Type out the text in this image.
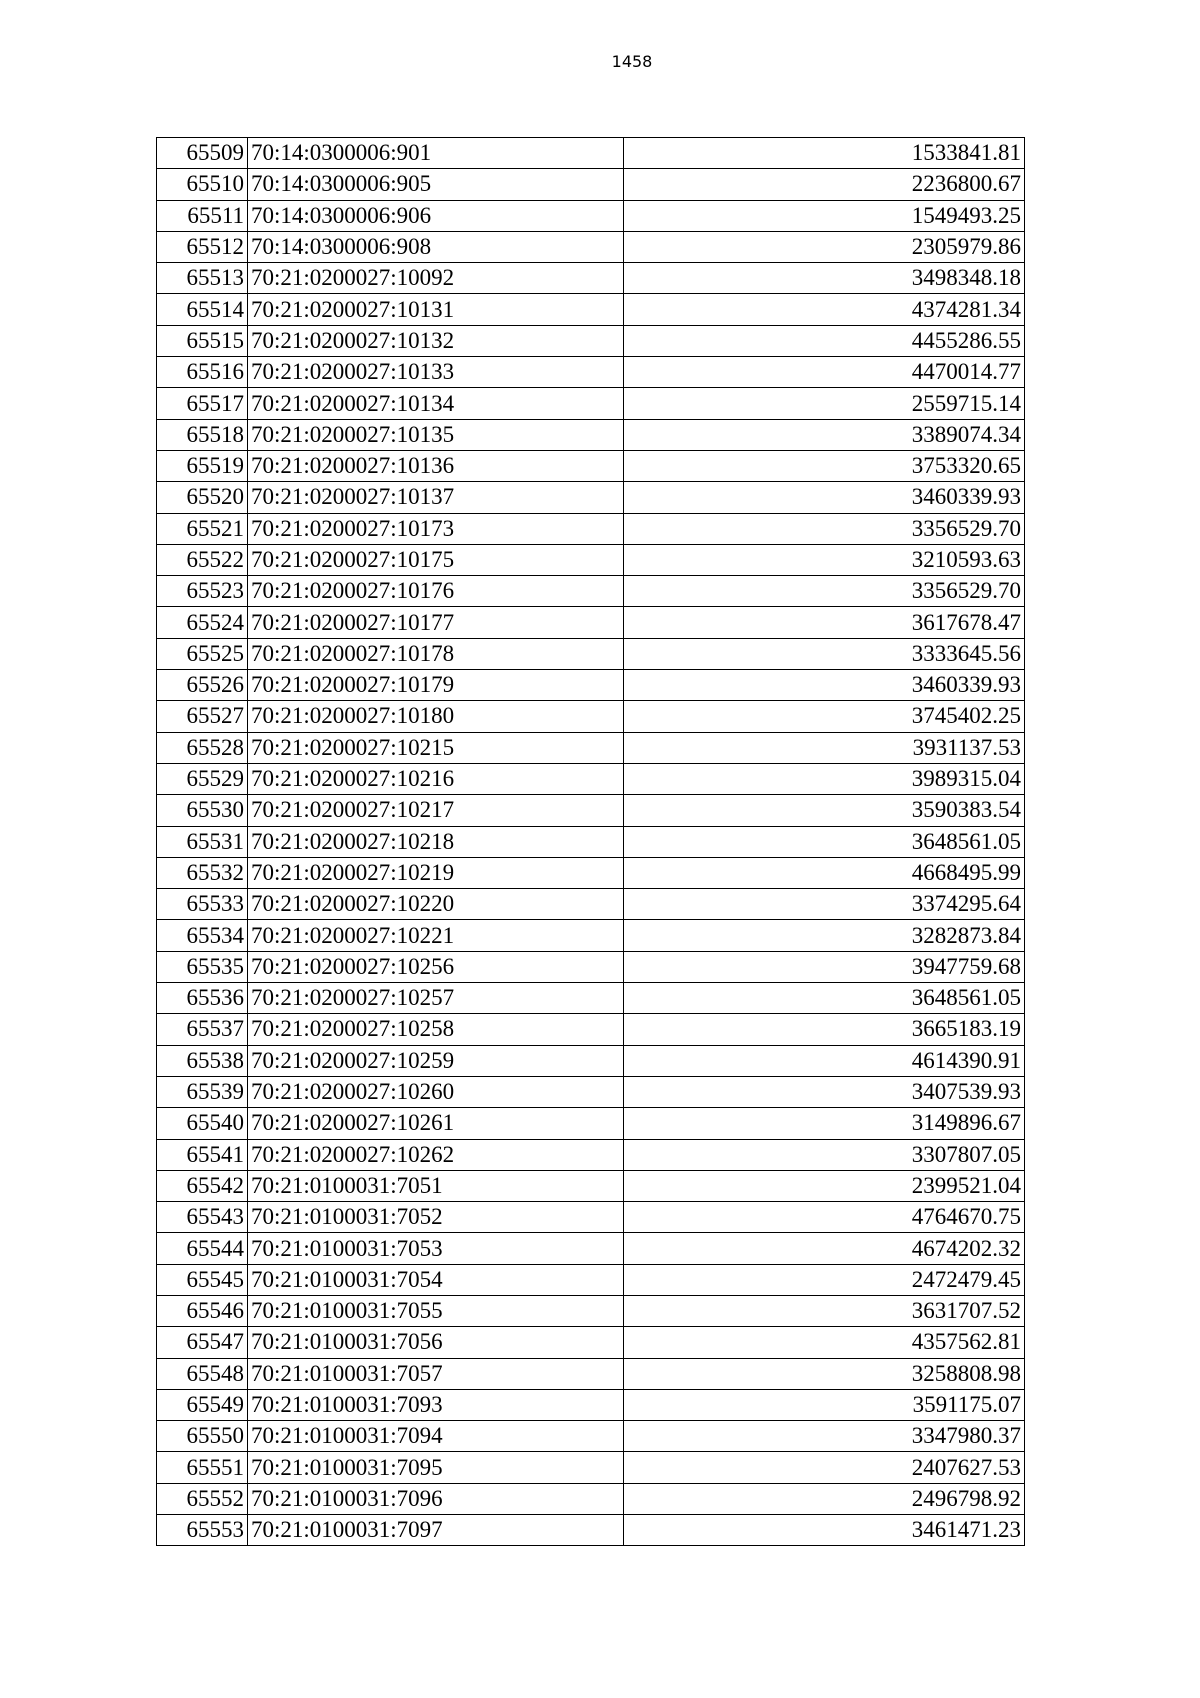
1458
65509	70:14:0300006:901	1533841.81
65510	70:14:0300006:905	2236800.67
65511	70:14:0300006:906	1549493.25
65512	70:14:0300006:908	2305979.86
65513	70:21:0200027:10092	3498348.18
65514	70:21:0200027:10131	4374281.34
65515	70:21:0200027:10132	4455286.55
65516	70:21:0200027:10133	4470014.77
65517	70:21:0200027:10134	2559715.14
65518	70:21:0200027:10135	3389074.34
65519	70:21:0200027:10136	3753320.65
65520	70:21:0200027:10137	3460339.93
65521	70:21:0200027:10173	3356529.70
65522	70:21:0200027:10175	3210593.63
65523	70:21:0200027:10176	3356529.70
65524	70:21:0200027:10177	3617678.47
65525	70:21:0200027:10178	3333645.56
65526	70:21:0200027:10179	3460339.93
65527	70:21:0200027:10180	3745402.25
65528	70:21:0200027:10215	3931137.53
65529	70:21:0200027:10216	3989315.04
65530	70:21:0200027:10217	3590383.54
65531	70:21:0200027:10218	3648561.05
65532	70:21:0200027:10219	4668495.99
65533	70:21:0200027:10220	3374295.64
65534	70:21:0200027:10221	3282873.84
65535	70:21:0200027:10256	3947759.68
65536	70:21:0200027:10257	3648561.05
65537	70:21:0200027:10258	3665183.19
65538	70:21:0200027:10259	4614390.91
65539	70:21:0200027:10260	3407539.93
65540	70:21:0200027:10261	3149896.67
65541	70:21:0200027:10262	3307807.05
65542	70:21:0100031:7051	2399521.04
65543	70:21:0100031:7052	4764670.75
65544	70:21:0100031:7053	4674202.32
65545	70:21:0100031:7054	2472479.45
65546	70:21:0100031:7055	3631707.52
65547	70:21:0100031:7056	4357562.81
65548	70:21:0100031:7057	3258808.98
65549	70:21:0100031:7093	3591175.07
65550	70:21:0100031:7094	3347980.37
65551	70:21:0100031:7095	2407627.53
65552	70:21:0100031:7096	2496798.92
65553	70:21:0100031:7097	3461471.23
